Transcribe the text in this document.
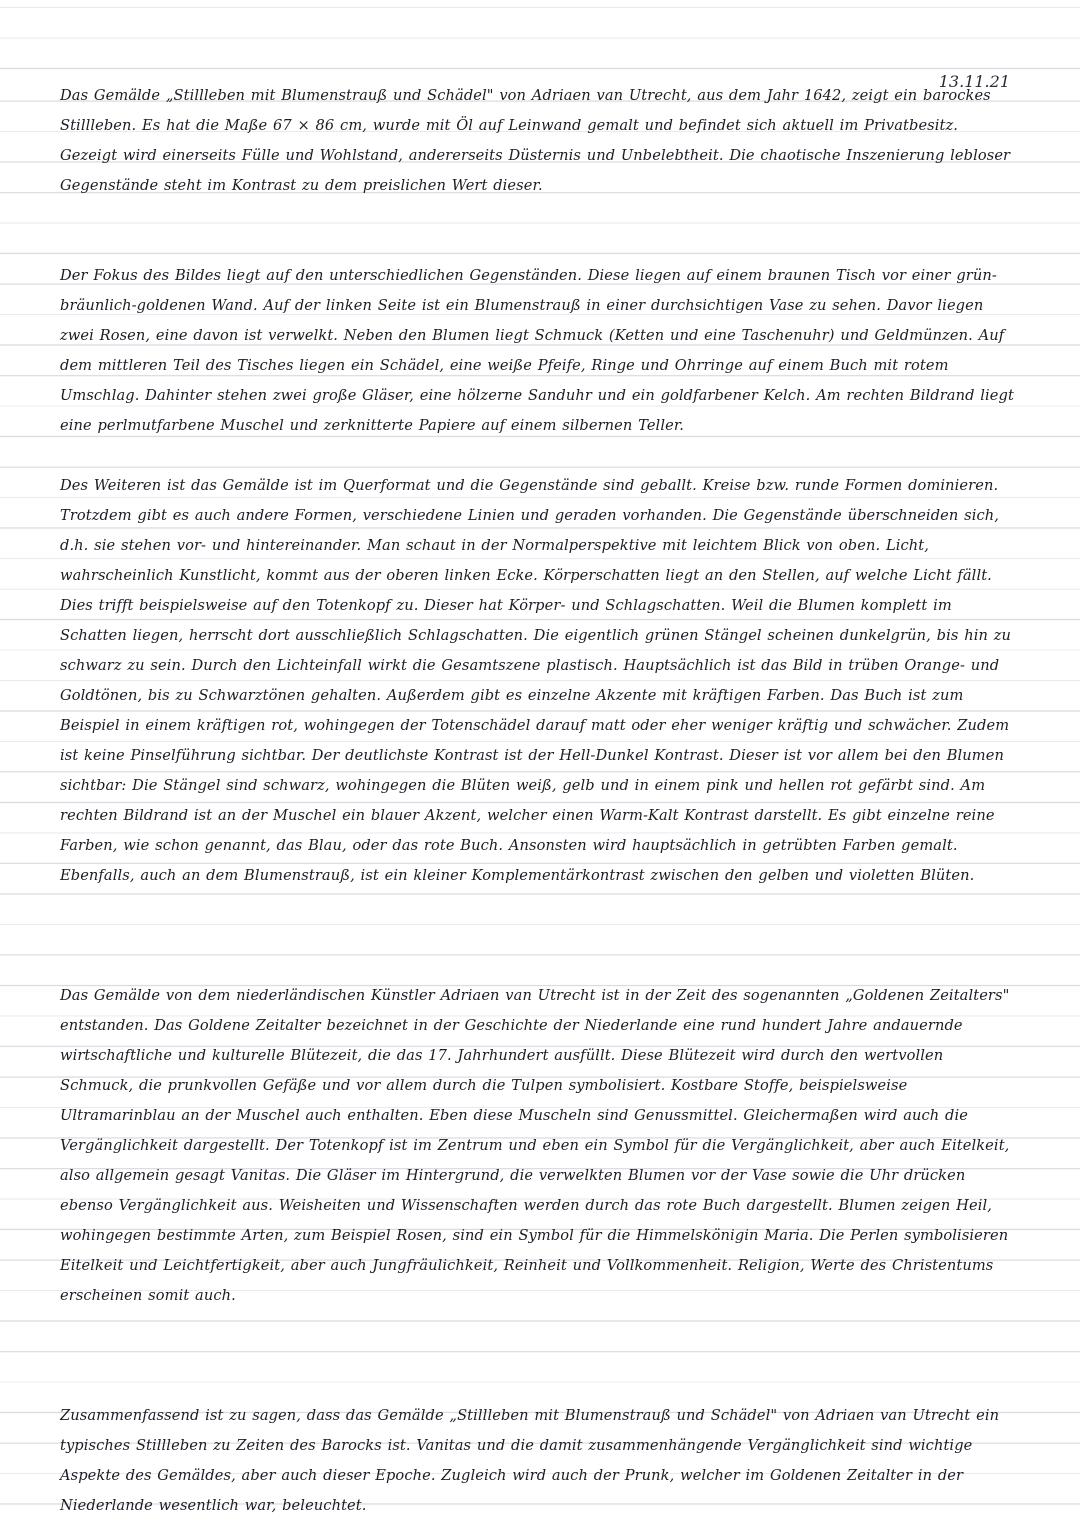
13.11.21

Das Gemälde „Stillleben mit Blumenstrauß und Schädel" von Adriaen van Utrecht, aus dem Jahr 1642, zeigt ein barockes Stillleben. Es hat die Maße 67 × 86 cm, wurde mit Öl auf Leinwand gemalt und befindet sich aktuell im Privatbesitz. Gezeigt wird einerseits Fülle und Wohlstand, andererseits Düsternis und Unbelebtheit. Die chaotische Inszenierung lebloser Gegenstände steht im Kontrast zu dem preislichen Wert dieser.

Der Fokus des Bildes liegt auf den unterschiedlichen Gegenständen. Diese liegen auf einem braunen Tisch vor einer grün-bräunlich-goldenen Wand. Auf der linken Seite ist ein Blumenstrauß in einer durchsichtigen Vase zu sehen. Davor liegen zwei Rosen, eine davon ist verwelkt. Neben den Blumen liegt Schmuck (Ketten und eine Taschenuhr) und Geldmünzen. Auf dem mittleren Teil des Tisches liegen ein Schädel, eine weiße Pfeife, Ringe und Ohrringe auf einem Buch mit rotem Umschlag. Dahinter stehen zwei große Gläser, eine hölzerne Sanduhr und ein goldfarbener Kelch. Am rechten Bildrand liegt eine perlmutfarbene Muschel und zerknitterte Papiere auf einem silbernen Teller.

Des Weiteren ist das Gemälde ist im Querformat und die Gegenstände sind geballt. Kreise bzw. runde Formen dominieren. Trotzdem gibt es auch andere Formen, verschiedene Linien und geraden vorhanden. Die Gegenstände überschneiden sich, d.h. sie stehen vor- und hintereinander. Man schaut in der Normalperspektive mit leichtem Blick von oben. Licht, wahrscheinlich Kunstlicht, kommt aus der oberen linken Ecke. Körperschatten liegt an den Stellen, auf welche Licht fällt. Dies trifft beispielsweise auf den Totenkopf zu. Dieser hat Körper- und Schlagschatten. Weil die Blumen komplett im Schatten liegen, herrscht dort ausschließlich Schlagschatten. Die eigentlich grünen Stängel scheinen dunkelgrün, bis hin zu schwarz zu sein. Durch den Lichteinfall wirkt die Gesamtszene plastisch. Hauptsächlich ist das Bild in trüben Orange- und Goldtönen, bis zu Schwarztönen gehalten. Außerdem gibt es einzelne Akzente mit kräftigen Farben. Das Buch ist zum Beispiel in einem kräftigen rot, wohingegen der Totenschädel darauf matt oder eher weniger kräftig und schwächer. Zudem ist keine Pinselführung sichtbar. Der deutlichste Kontrast ist der Hell-Dunkel Kontrast. Dieser ist vor allem bei den Blumen sichtbar: Die Stängel sind schwarz, wohingegen die Blüten weiß, gelb und in einem pink und hellen rot gefärbt sind. Am rechten Bildrand ist an der Muschel ein blauer Akzent, welcher einen Warm-Kalt Kontrast darstellt. Es gibt einzelne reine Farben, wie schon genannt, das Blau, oder das rote Buch. Ansonsten wird hauptsächlich in getrübten Farben gemalt. Ebenfalls, auch an dem Blumenstrauß, ist ein kleiner Komplementärkontrast zwischen den gelben und violetten Blüten.

Das Gemälde von dem niederländischen Künstler Adriaen van Utrecht ist in der Zeit des sogenannten „Goldenen Zeitalters" entstanden. Das Goldene Zeitalter bezeichnet in der Geschichte der Niederlande eine rund hundert Jahre andauernde wirtschaftliche und kulturelle Blütezeit, die das 17. Jahrhundert ausfüllt. Diese Blütezeit wird durch den wertvollen Schmuck, die prunkvollen Gefäße und vor allem durch die Tulpen symbolisiert. Kostbare Stoffe, beispielsweise Ultramarinblau an der Muschel auch enthalten. Eben diese Muscheln sind Genussmittel. Gleichermaßen wird auch die Vergänglichkeit dargestellt. Der Totenkopf ist im Zentrum und eben ein Symbol für die Vergänglichkeit, aber auch Eitelkeit, also allgemein gesagt Vanitas. Die Gläser im Hintergrund, die verwelkten Blumen vor der Vase sowie die Uhr drücken ebenso Vergänglichkeit aus. Weisheiten und Wissenschaften werden durch das rote Buch dargestellt. Blumen zeigen Heil, wohingegen bestimmte Arten, zum Beispiel Rosen, sind ein Symbol für die Himmelskönigin Maria. Die Perlen symbolisieren Eitelkeit und Leichtfertigkeit, aber auch Jungfräulichkeit, Reinheit und Vollkommenheit. Religion, Werte des Christentums erscheinen somit auch.

Zusammenfassend ist zu sagen, dass das Gemälde „Stillleben mit Blumenstrauß und Schädel" von Adriaen van Utrecht ein typisches Stillleben zu Zeiten des Barocks ist. Vanitas und die damit zusammenhängende Vergänglichkeit sind wichtige Aspekte des Gemäldes, aber auch dieser Epoche. Zugleich wird auch der Prunk, welcher im Goldenen Zeitalter in der Niederlande wesentlich war, beleuchtet.
